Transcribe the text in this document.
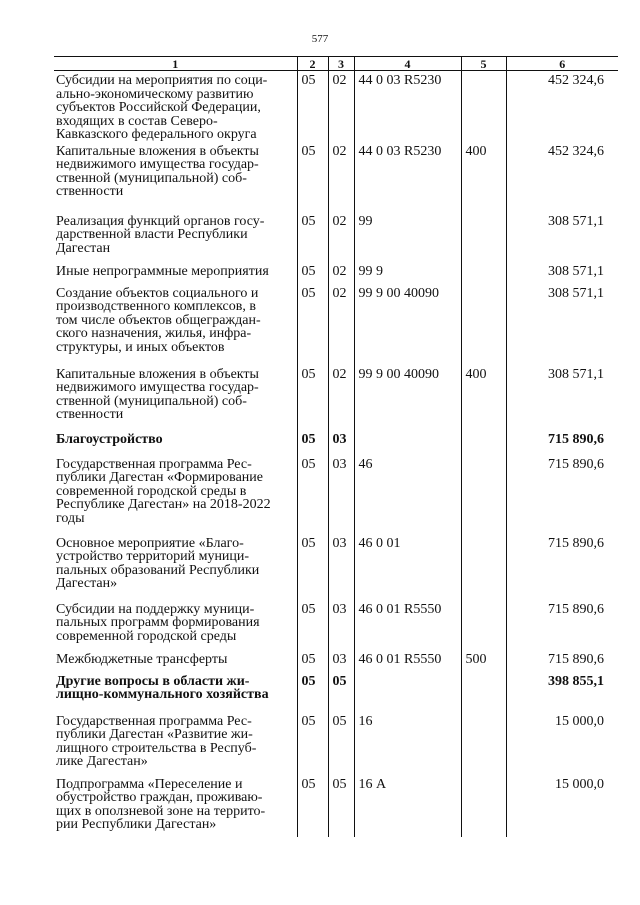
577
1	2	3	4	5	6
Субсидии на мероприятия по соци-
ально-экономическому развитию
субъектов Российской Федерации,
входящих в состав Северо-
Кавказского федерального округа	05	02	44 0 03 R5230		452 324,6
Капитальные вложения в объекты
недвижимого имущества государ-
ственной (муниципальной) соб-
ственности	05	02	44 0 03 R5230	400	452 324,6
Реализация функций органов госу-
дарственной власти Республики
Дагестан	05	02	99		308 571,1
Иные непрограммные мероприятия	05	02	99 9		308 571,1
Создание объектов социального и
производственного комплексов, в
том числе объектов общеграждан-
ского назначения, жилья, инфра-
структуры, и иных объектов	05	02	99 9 00 40090		308 571,1
Капитальные вложения в объекты
недвижимого имущества государ-
ственной (муниципальной) соб-
ственности	05	02	99 9 00 40090	400	308 571,1
Благоустройство	05	03			715 890,6
Государственная программа Рес-
публики Дагестан «Формирование
современной городской среды в
Республике Дагестан» на 2018-2022
годы	05	03	46		715 890,6
Основное мероприятие «Благо-
устройство территорий муници-
пальных образований Республики
Дагестан»	05	03	46 0 01		715 890,6
Субсидии на поддержку муници-
пальных программ формирования
современной городской среды	05	03	46 0 01 R5550		715 890,6
Межбюджетные трансферты	05	03	46 0 01 R5550	500	715 890,6
Другие вопросы в области жи-
лищно-коммунального хозяйства	05	05			398 855,1
Государственная программа Рес-
публики Дагестан «Развитие жи-
лищного строительства в Респуб-
лике Дагестан»	05	05	16		15 000,0
Подпрограмма «Переселение и
обустройство граждан, проживаю-
щих в оползневой зоне на террито-
рии Республики Дагестан»	05	05	16 А		15 000,0
